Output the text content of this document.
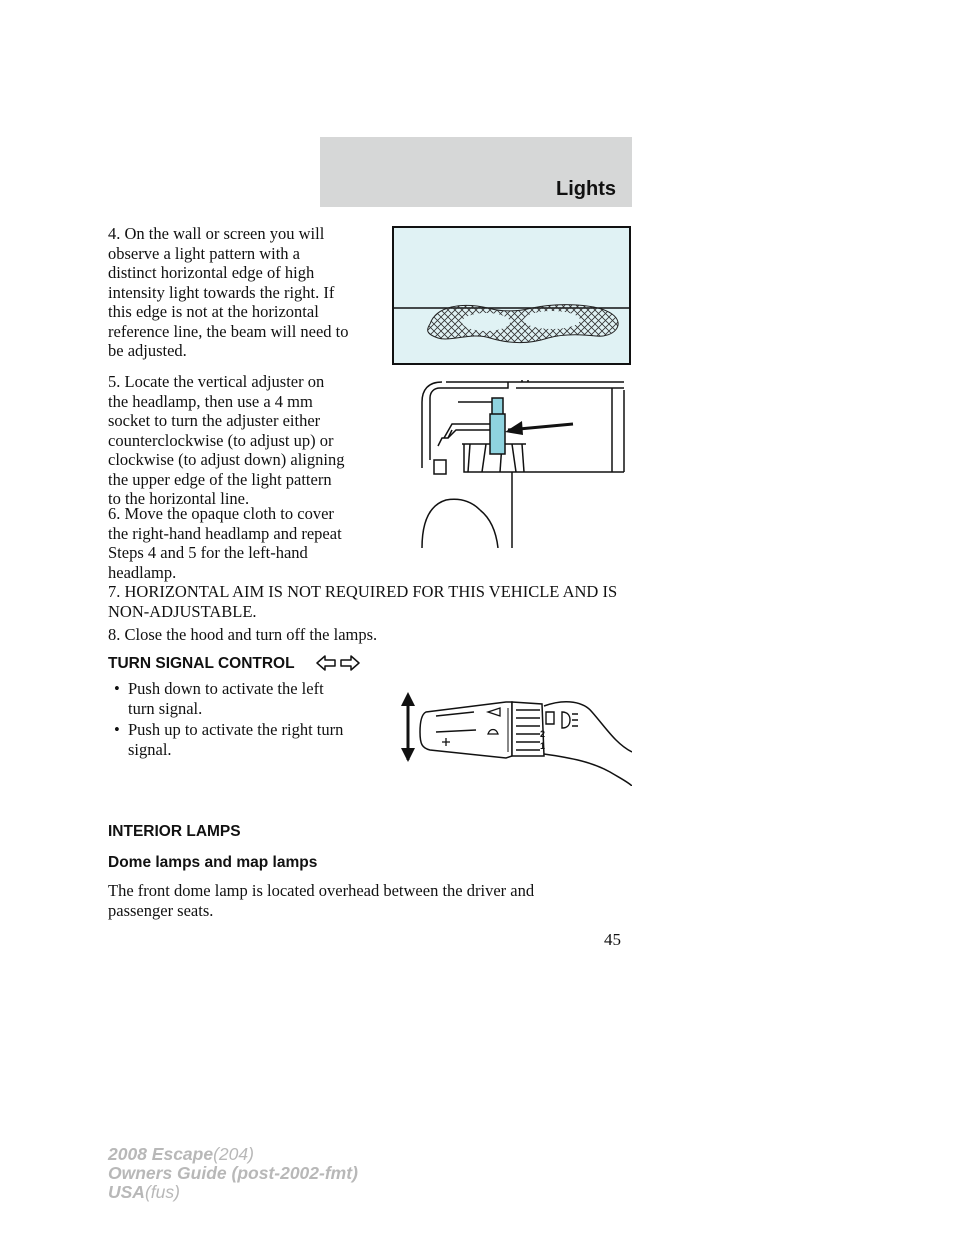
Lights

4. On the wall or screen you will

observe a light pattern with a

distinct horizontal edge of high

intensity light towards the right. If

this edge is not at the horizontal

reference line, the beam will need to

be adjusted.

5. Locate the vertical adjuster on

the headlamp, then use a 4 mm

socket to turn the adjuster either

counterclockwise (to adjust up) or

clockwise (to adjust down) aligning

the upper edge of the light pattern

to the horizontal line.

6. Move the opaque cloth to cover

the right-hand headlamp and repeat

Steps 4 and 5 for the left-hand

headlamp.

7. HORIZONTAL AIM IS NOT REQUIRED FOR THIS VEHICLE AND IS

NON-ADJUSTABLE.

8. Close the hood and turn off the lamps.

TURN SIGNAL CONTROL
• Push down to activate the left
turn signal.
• Push up to activate the right turn
signal.
2
1

INTERIOR LAMPS

Dome lamps and map lamps

The front dome lamp is located overhead between the driver and

passenger seats.

45
2008 Escape(204)
Owners Guide (post-2002-fmt)
USA(fus)
